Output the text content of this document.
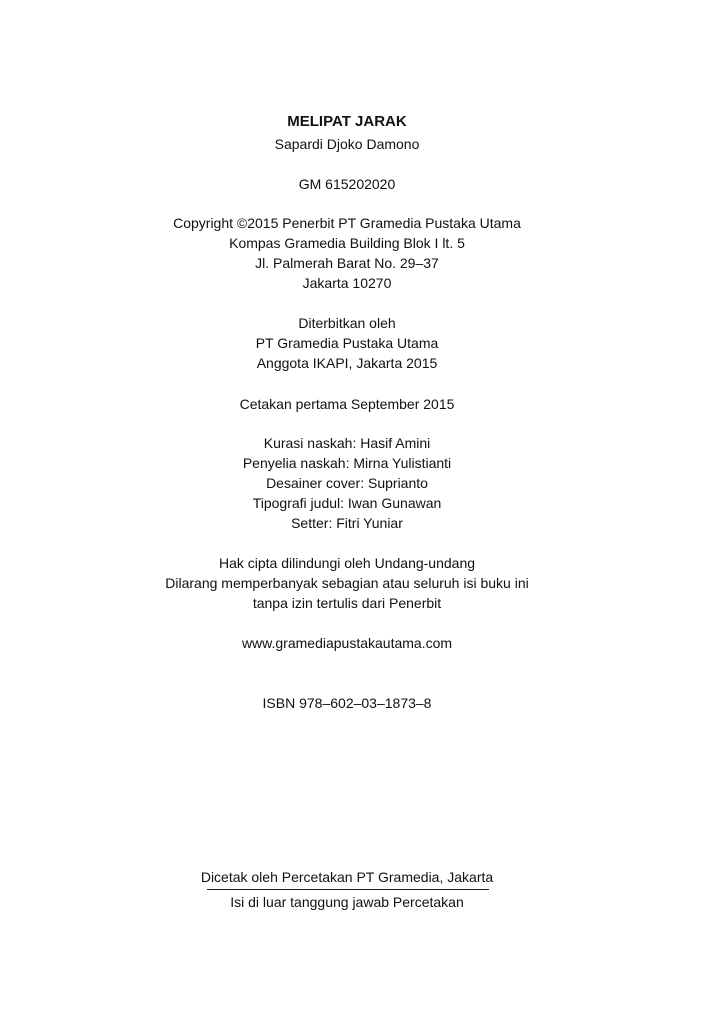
MELIPAT JARAK
Sapardi Djoko Damono
GM 615202020
Copyright ©2015 Penerbit PT Gramedia Pustaka Utama
Kompas Gramedia Building Blok I lt. 5
Jl. Palmerah Barat No. 29–37
Jakarta 10270
Diterbitkan oleh
PT Gramedia Pustaka Utama
Anggota IKAPI, Jakarta 2015
Cetakan pertama September 2015
Kurasi naskah: Hasif Amini
Penyelia naskah: Mirna Yulistianti
Desainer cover: Suprianto
Tipografi judul: Iwan Gunawan
Setter: Fitri Yuniar
Hak cipta dilindungi oleh Undang-undang
Dilarang memperbanyak sebagian atau seluruh isi buku ini
tanpa izin tertulis dari Penerbit
www.gramediapustakautama.com
ISBN 978–602–03–1873–8
Dicetak oleh Percetakan PT Gramedia, Jakarta
Isi di luar tanggung jawab Percetakan
